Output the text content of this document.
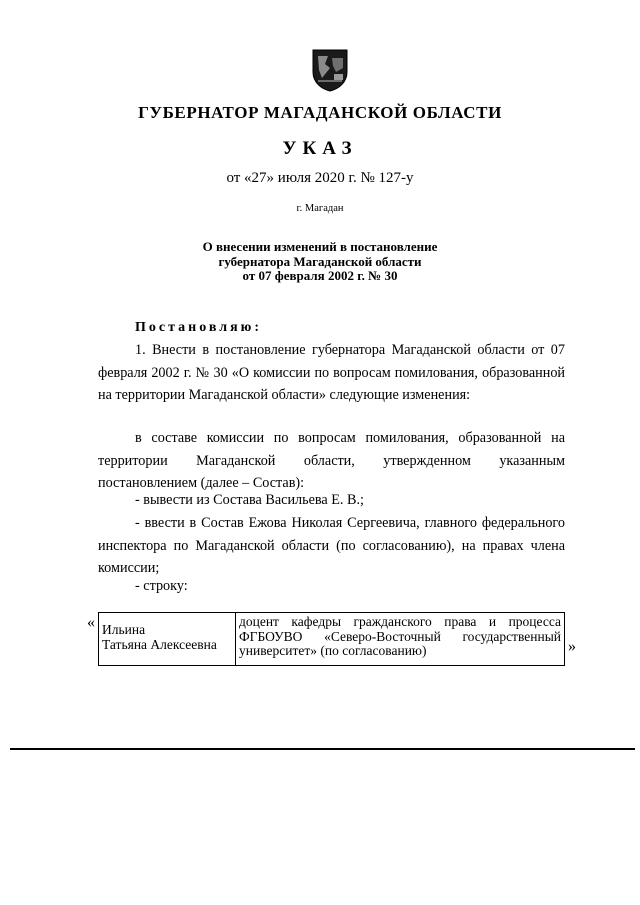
ГУБЕРНАТОР МАГАДАНСКОЙ ОБЛАСТИ
УКАЗ
от «27» июля 2020 г. № 127-у
г. Магадан
О внесении изменений в постановление
губернатора Магаданской области
от 07 февраля 2002 г. № 30
Постановляю:

1. Внести в постановление губернатора Магаданской области от 07 февраля 2002 г. № 30 «О комиссии по вопросам помилования, образованной на территории Магаданской области» следующие изменения:

в составе комиссии по вопросам помилования, образованной на территории Магаданской области, утвержденном указанным постановлением (далее – Состав):

- вывести из Состава Васильева Е. В.;

- ввести в Состав Ежова Николая Сергеевича, главного федерального инспектора по Магаданской области (по согласованию), на правах члена комиссии;

- строку:

« Ильина
Татьяна Алексеевна
	доцент кафедры гражданского права и процесса ФГБОУВО «Северо-Восточный государственный университет» (по согласованию)	»
